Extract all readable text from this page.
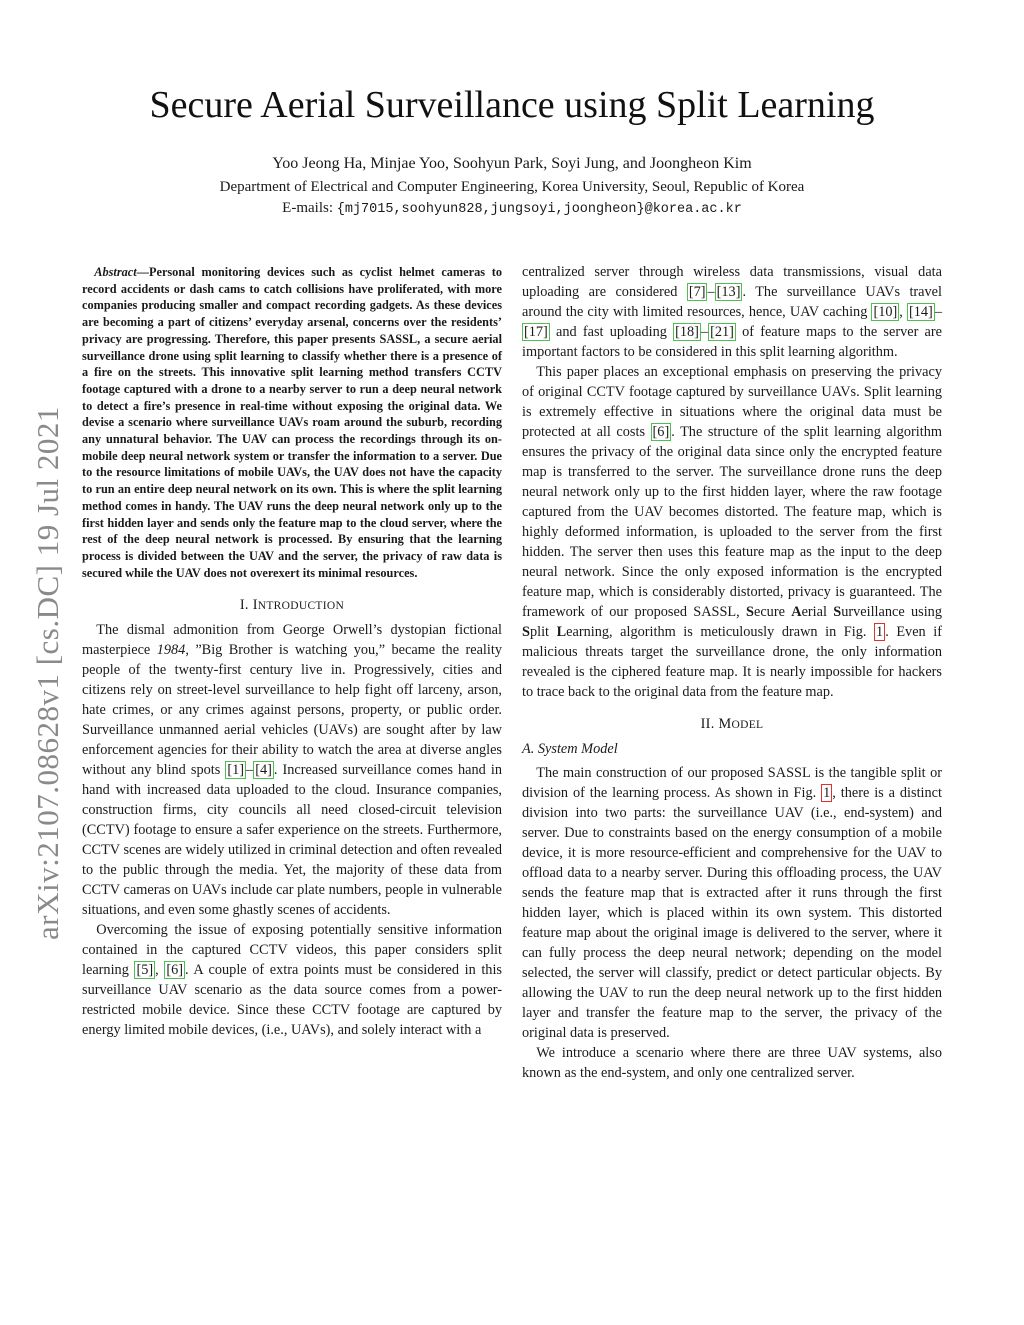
arXiv:2107.08628v1 [cs.DC] 19 Jul 2021
Secure Aerial Surveillance using Split Learning
Yoo Jeong Ha, Minjae Yoo, Soohyun Park, Soyi Jung, and Joongheon Kim
Department of Electrical and Computer Engineering, Korea University, Seoul, Republic of Korea
E-mails: {mj7015,soohyun828,jungsoyi,joongheon}@korea.ac.kr

Abstract—Personal monitoring devices such as cyclist helmet cameras to record accidents or dash cams to catch collisions have proliferated, with more companies producing smaller and compact recording gadgets. As these devices are becoming a part of citizens’ everyday arsenal, concerns over the residents’ privacy are progressing. Therefore, this paper presents SASSL, a secure aerial surveillance drone using split learning to classify whether there is a presence of a fire on the streets. This innovative split learning method transfers CCTV footage captured with a drone to a nearby server to run a deep neural network to detect a fire’s presence in real-time without exposing the original data. We devise a scenario where surveillance UAVs roam around the suburb, recording any unnatural behavior. The UAV can process the recordings through its on-mobile deep neural network system or transfer the information to a server. Due to the resource limitations of mobile UAVs, the UAV does not have the capacity to run an entire deep neural network on its own. This is where the split learning method comes in handy. The UAV runs the deep neural network only up to the first hidden layer and sends only the feature map to the cloud server, where the rest of the deep neural network is processed. By ensuring that the learning process is divided between the UAV and the server, the privacy of raw data is secured while the UAV does not overexert its minimal resources.

I. INTRODUCTION

The dismal admonition from George Orwell’s dystopian fictional masterpiece 1984, ”Big Brother is watching you,” became the reality people of the twenty-first century live in. Progressively, cities and citizens rely on street-level surveillance to help fight off larceny, arson, hate crimes, or any crimes against persons, property, or public order. Surveillance unmanned aerial vehicles (UAVs) are sought after by law enforcement agencies for their ability to watch the area at diverse angles without any blind spots [1] – [4] . Increased surveillance comes hand in hand with increased data uploaded to the cloud. Insurance companies, construction firms, city councils all need closed-circuit television (CCTV) footage to ensure a safer experience on the streets. Furthermore, CCTV scenes are widely utilized in criminal detection and often revealed to the public through the media. Yet, the majority of these data from CCTV cameras on UAVs include car plate numbers, people in vulnerable situations, and even some ghastly scenes of accidents.

Overcoming the issue of exposing potentially sensitive information contained in the captured CCTV videos, this paper considers split learning [5] , [6] . A couple of extra points must be considered in this surveillance UAV scenario as the data source comes from a power-restricted mobile device. Since these CCTV footage are captured by energy limited mobile devices, (i.e., UAVs), and solely interact with a

centralized server through wireless data transmissions, visual data uploading are considered [7] – [13] . The surveillance UAVs travel around the city with limited resources, hence, UAV caching [10] , [14] –[17] and fast uploading [18] – [21] of feature maps to the server are important factors to be considered in this split learning algorithm.

This paper places an exceptional emphasis on preserving the privacy of original CCTV footage captured by surveillance UAVs. Split learning is extremely effective in situations where the original data must be protected at all costs [6] . The structure of the split learning algorithm ensures the privacy of the original data since only the encrypted feature map is transferred to the server. The surveillance drone runs the deep neural network only up to the first hidden layer, where the raw footage captured from the UAV becomes distorted. The feature map, which is highly deformed information, is uploaded to the server from the first hidden. The server then uses this feature map as the input to the deep neural network. Since the only exposed information is the encrypted feature map, which is considerably distorted, privacy is guaranteed. The framework of our proposed SASSL, Secure Aerial Surveillance using Split Learning, algorithm is meticulously drawn in Fig. 1 . Even if malicious threats target the surveillance drone, the only information revealed is the ciphered feature map. It is nearly impossible for hackers to trace back to the original data from the feature map.

II. MODEL
A. System Model

The main construction of our proposed SASSL is the tangible split or division of the learning process. As shown in Fig. 1 , there is a distinct division into two parts: the surveillance UAV (i.e., end-system) and server. Due to constraints based on the energy consumption of a mobile device, it is more resource-efficient and comprehensive for the UAV to offload data to a nearby server. During this offloading process, the UAV sends the feature map that is extracted after it runs through the first hidden layer, which is placed within its own system. This distorted feature map about the original image is delivered to the server, where it can fully process the deep neural network; depending on the model selected, the server will classify, predict or detect particular objects. By allowing the UAV to run the deep neural network up to the first hidden layer and transfer the feature map to the server, the privacy of the original data is preserved.

We introduce a scenario where there are three UAV systems, also known as the end-system, and only one centralized server.
